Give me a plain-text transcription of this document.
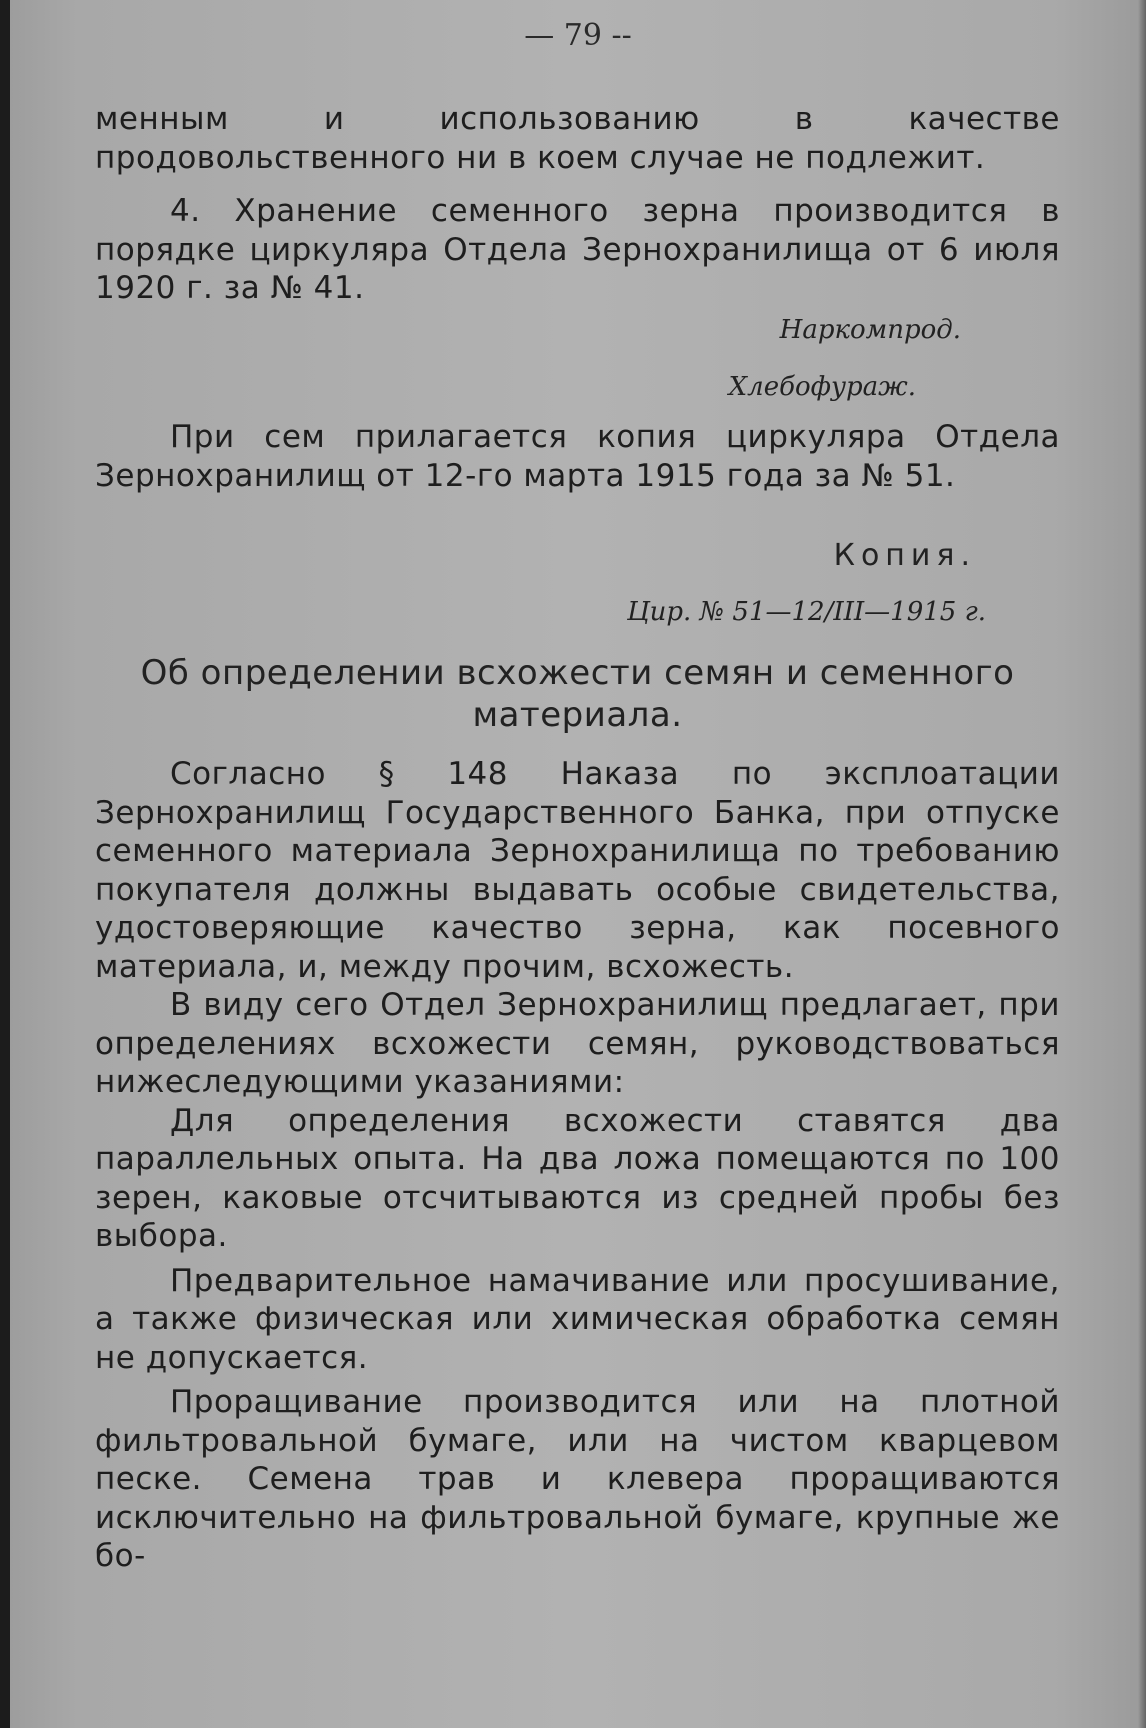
— 79 --

менным и использованию в качестве продовольственного ни в коем случае не подлежит.

4. Хранение семенного зерна производится в порядке циркуляра Отдела Зернохранилища от 6 июля 1920 г. за № 41.

Наркомпрод.
Хлебофураж.

При сем прилагается копия циркуляра Отдела Зернохранилищ от 12-го марта 1915 года за № 51.

Копия.
Цир. № 51—12/III—1915 г.
Об определении всхожести семян и семенного материала.

Согласно § 148 Наказа по эксплоатации Зернохранилищ Государственного Банка, при отпуске семенного материала Зернохранилища по требованию покупателя должны выдавать особые свидетельства, удостоверяющие качество зерна, как посевного материала, и, между прочим, всхожесть.

В виду сего Отдел Зернохранилищ предлагает, при определениях всхожести семян, руководствоваться нижеследующими указаниями:

Для определения всхожести ставятся два параллельных опыта. На два ложа помещаются по 100 зерен, каковые отсчитываются из средней пробы без выбора.

Предварительное намачивание или просушивание, а также физическая или химическая обработка семян не допускается.

Проращивание производится или на плотной фильтровальной бумаге, или на чистом кварцевом песке. Семена трав и клевера проращиваются исключительно на фильтровальной бумаге, крупные же бо-
